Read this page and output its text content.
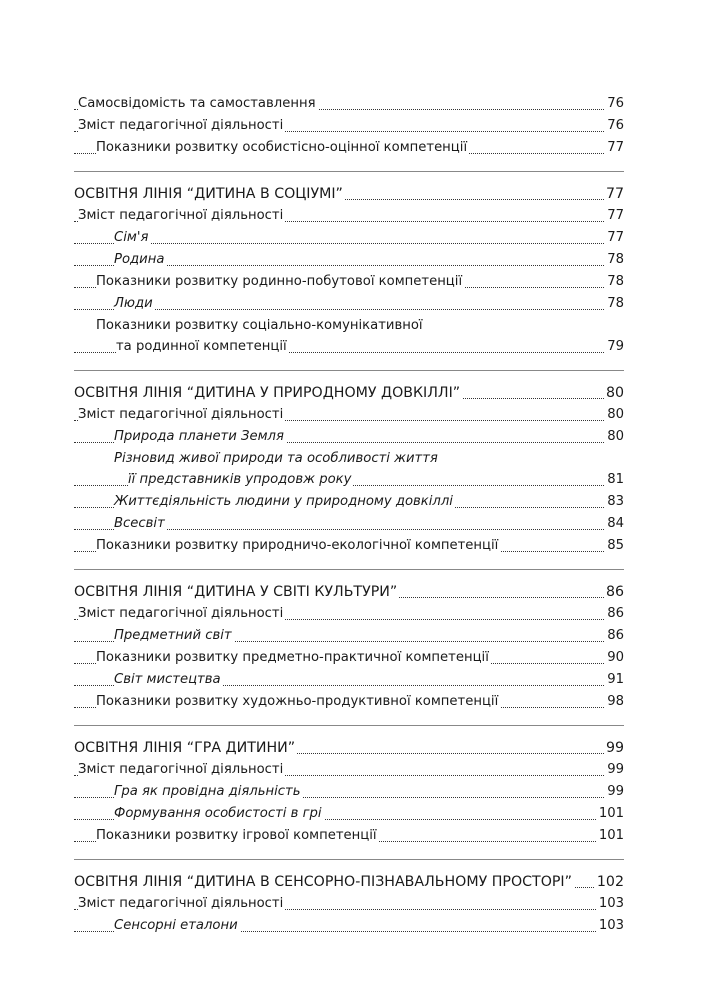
Самосвідомість та самоставлення	76
Зміст педагогічної діяльності	76
Показники розвитку особистісно-оцінної компетенції	77
ОСВІТНЯ ЛІНІЯ “ДИТИНА В СОЦІУМІ”	77
Зміст педагогічної діяльності	77
Сім'я	77
Родина	78
Показники розвитку родинно-побутової компетенції	78
Люди	78
Показники розвитку соціально-комунікативної
та родинної компетенції	79
ОСВІТНЯ ЛІНІЯ “ДИТИНА У ПРИРОДНОМУ ДОВКІЛЛІ”	80
Зміст педагогічної діяльності	80
Природа планети Земля	80
Різновид живої природи та особливості життя
її представників упродовж року	81
Життєдіяльність людини у природному довкіллі	83
Всесвіт	84
Показники розвитку природничо-екологічної компетенції	85
ОСВІТНЯ ЛІНІЯ “ДИТИНА У СВІТІ КУЛЬТУРИ”	86
Зміст педагогічної діяльності	86
Предметний світ	86
Показники розвитку предметно-практичної компетенції	90
Світ мистецтва	91
Показники розвитку художньо-продуктивної компетенції	98
ОСВІТНЯ ЛІНІЯ “ГРА ДИТИНИ”	99
Зміст педагогічної діяльності	99
Гра як провідна діяльність	99
Формування особистості в грі	101
Показники розвитку ігрової компетенції	101
ОСВІТНЯ ЛІНІЯ “ДИТИНА В СЕНСОРНО-ПІЗНАВАЛЬНОМУ ПРОСТОРІ” 102
Зміст педагогічної діяльності	103
Сенсорні еталони	103
